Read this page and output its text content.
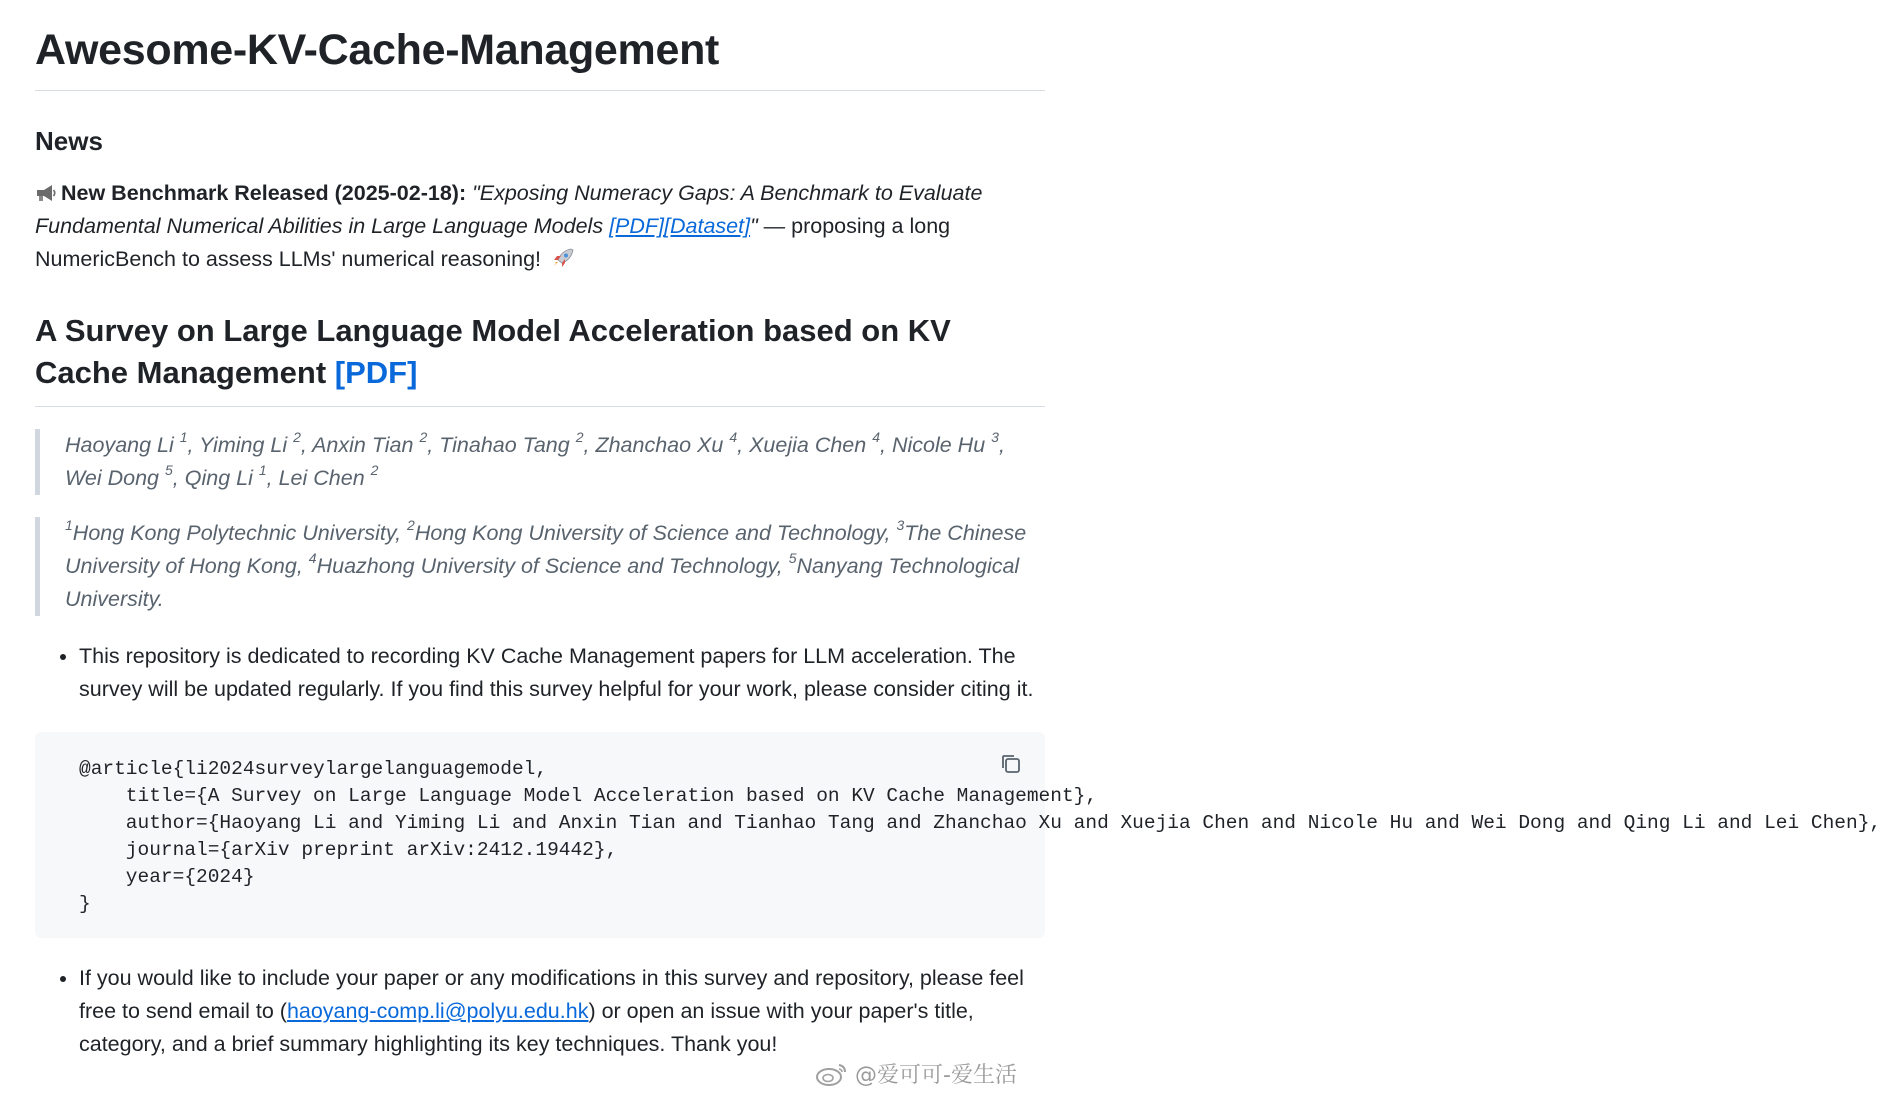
Awesome-KV-Cache-Management
News

New Benchmark Released (2025-02-18): "Exposing Numeracy Gaps: A Benchmark to Evaluate Fundamental Numerical Abilities in Large Language Models [PDF][Dataset]" — proposing a long NumericBench to assess LLMs' numerical reasoning!

A Survey on Large Language Model Acceleration based on KV Cache Management [PDF]
Haoyang Li $^1$, Yiming Li $^2$, Anxin Tian $^2$, Tinahao Tang $^2$, Zhanchao Xu $^4$, Xuejia Chen $^4$, Nicole Hu $^3$, Wei Dong $^5$, Qing Li $^1$, Lei Chen $^2$
$^1$Hong Kong Polytechnic University, $^2$Hong Kong University of Science and Technology, $^3$The Chinese University of Hong Kong, $^4$Huazhong University of Science and Technology, $^5$Nanyang Technological University.
• This repository is dedicated to recording KV Cache Management papers for LLM acceleration. The survey will be updated regularly. If you find this survey helpful for your work, please consider citing it.
@article{li2024surveylargelanguagemodel,
title={A Survey on Large Language Model Acceleration based on KV Cache Management},
author={Haoyang Li and Yiming Li and Anxin Tian and Tianhao Tang and Zhanchao Xu and Xuejia Chen and Nicole Hu and Wei Dong and Qing Li and Lei Chen},
journal={arXiv preprint arXiv:2412.19442},
year={2024}
}
• If you would like to include your paper or any modifications in this survey and repository, please feel free to send email to (haoyang-comp.li@polyu.edu.hk) or open an issue with your paper's title, category, and a brief summary highlighting its key techniques. Thank you!
@爱可可-爱生活
